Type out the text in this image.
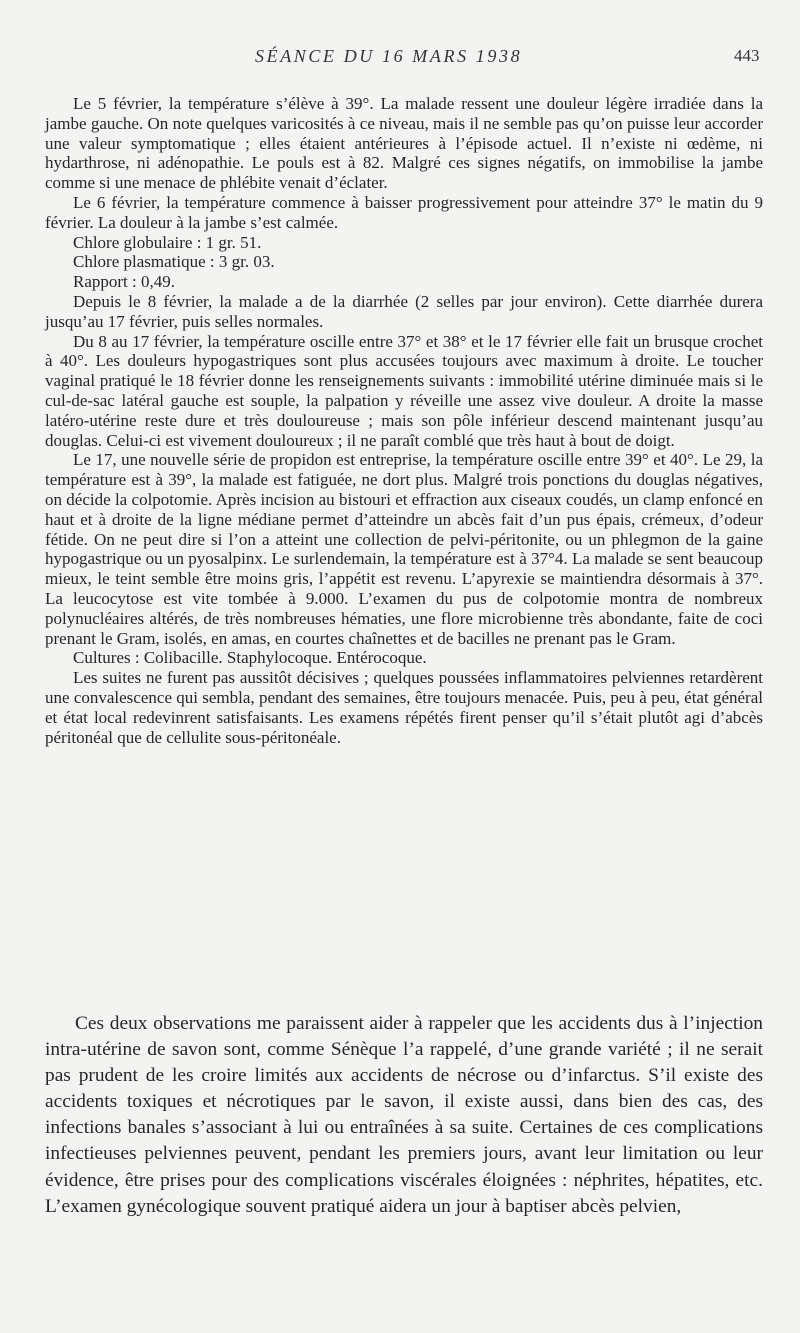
SÉANCE DU 16 MARS 1938	443

Le 5 février, la température s’élève à 39°. La malade ressent une douleur légère irradiée dans la jambe gauche. On note quelques varicosités à ce niveau, mais il ne semble pas qu’on puisse leur accorder une valeur symptomatique ; elles étaient antérieures à l’épisode actuel. Il n’existe ni œdème, ni hydarthrose, ni adénopathie. Le pouls est à 82. Malgré ces signes négatifs, on immobilise la jambe comme si une menace de phlébite venait d’éclater.

Le 6 février, la température commence à baisser progressivement pour atteindre 37° le matin du 9 février. La douleur à la jambe s’est calmée.

Chlore globulaire : 1 gr. 51.

Chlore plasmatique : 3 gr. 03.

Rapport : 0,49.

Depuis le 8 février, la malade a de la diarrhée (2 selles par jour environ). Cette diarrhée durera jusqu’au 17 février, puis selles normales.

Du 8 au 17 février, la température oscille entre 37° et 38° et le 17 février elle fait un brusque crochet à 40°. Les douleurs hypogastriques sont plus accusées toujours avec maximum à droite. Le toucher vaginal pratiqué le 18 février donne les renseignements suivants : immobilité utérine diminuée mais si le cul-de-sac latéral gauche est souple, la palpation y réveille une assez vive douleur. A droite la masse latéro-utérine reste dure et très douloureuse ; mais son pôle inférieur descend maintenant jusqu’au douglas. Celui-ci est vivement douloureux ; il ne paraît comblé que très haut à bout de doigt.

Le 17, une nouvelle série de propidon est entreprise, la température oscille entre 39° et 40°. Le 29, la température est à 39°, la malade est fatiguée, ne dort plus. Malgré trois ponctions du douglas négatives, on décide la colpotomie. Après incision au bistouri et effraction aux ciseaux coudés, un clamp enfoncé en haut et à droite de la ligne médiane permet d’atteindre un abcès fait d’un pus épais, crémeux, d’odeur fétide. On ne peut dire si l’on a atteint une collection de pelvi-péritonite, ou un phlegmon de la gaine hypogastrique ou un pyosalpinx. Le surlendemain, la température est à 37°4. La malade se sent beaucoup mieux, le teint semble être moins gris, l’appétit est revenu. L’apyrexie se maintiendra désormais à 37°. La leucocytose est vite tombée à 9.000. L’examen du pus de colpotomie montra de nombreux polynucléaires altérés, de très nombreuses hématies, une flore microbienne très abondante, faite de coci prenant le Gram, isolés, en amas, en courtes chaînettes et de bacilles ne prenant pas le Gram.

Cultures : Colibacille. Staphylocoque. Entérocoque.

Les suites ne furent pas aussitôt décisives ; quelques poussées inflammatoires pelviennes retardèrent une convalescence qui sembla, pendant des semaines, être toujours menacée. Puis, peu à peu, état général et état local redevinrent satisfaisants. Les examens répétés firent penser qu’il s’était plutôt agi d’abcès péritonéal que de cellulite sous-péritonéale.

Ces deux observations me paraissent aider à rappeler que les accidents dus à l’injection intra-utérine de savon sont, comme Sénèque l’a rappelé, d’une grande variété ; il ne serait pas prudent de les croire limités aux accidents de nécrose ou d’infarctus. S’il existe des accidents toxiques et nécrotiques par le savon, il existe aussi, dans bien des cas, des infections banales s’associant à lui ou entraînées à sa suite. Certaines de ces complications infectieuses pelviennes peuvent, pendant les premiers jours, avant leur limitation ou leur évidence, être prises pour des complications viscérales éloignées : néphrites, hépatites, etc. L’examen gynécologique souvent pratiqué aidera un jour à baptiser abcès pelvien,
